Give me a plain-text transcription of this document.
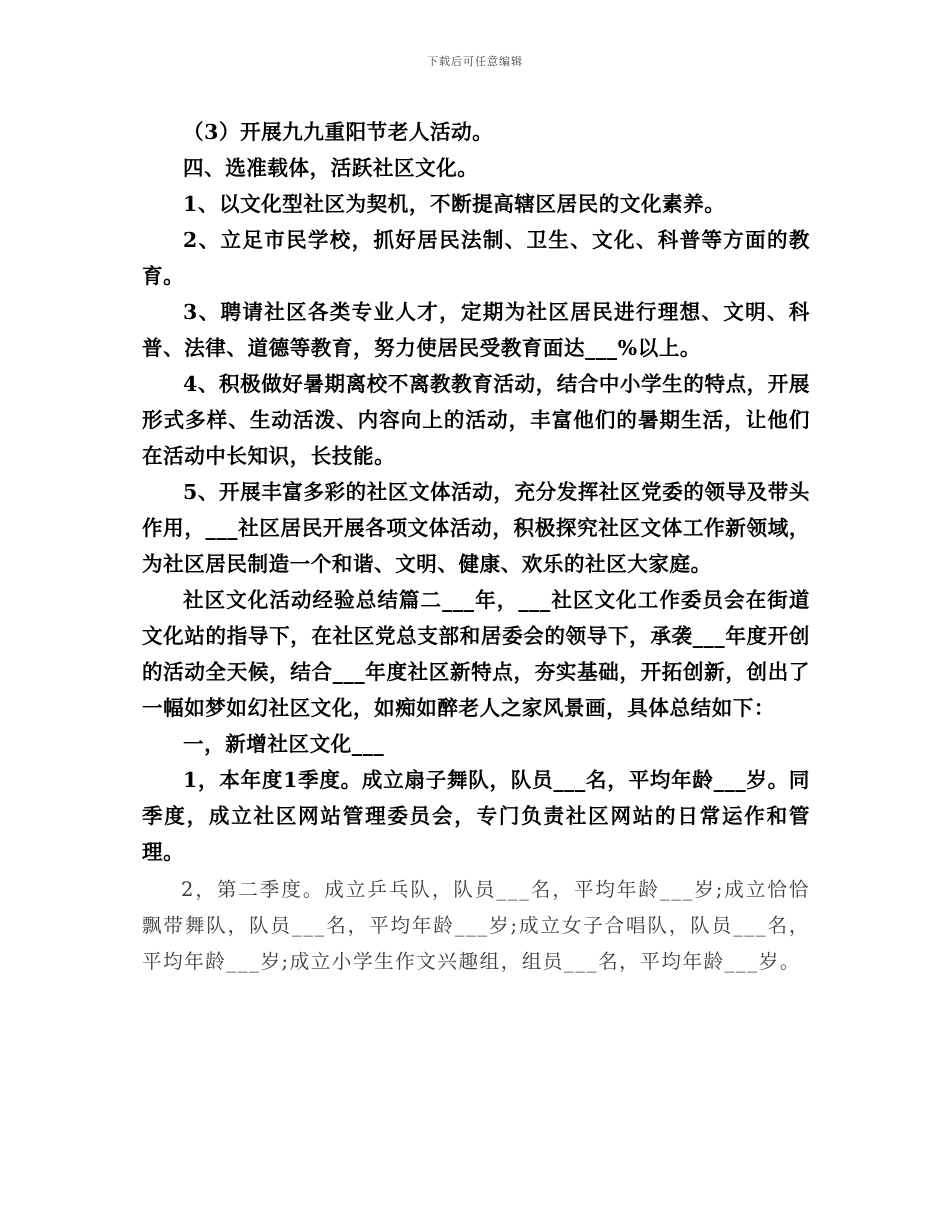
下载后可任意编辑

（3）开展九九重阳节老人活动。

四、选准载体，活跃社区文化。

1、以文化型社区为契机，不断提高辖区居民的文化素养。

2、立足市民学校，抓好居民法制、卫生、文化、科普等方面的教育。

3、聘请社区各类专业人才，定期为社区居民进行理想、文明、科普、法律、道德等教育，努力使居民受教育面达___%以上。

4、积极做好暑期离校不离教教育活动，结合中小学生的特点，开展形式多样、生动活泼、内容向上的活动，丰富他们的暑期生活，让他们在活动中长知识，长技能。

5、开展丰富多彩的社区文体活动，充分发挥社区党委的领导及带头作用，___社区居民开展各项文体活动，积极探究社区文体工作新领域，为社区居民制造一个和谐、文明、健康、欢乐的社区大家庭。

社区文化活动经验总结篇二___年，___社区文化工作委员会在街道文化站的指导下，在社区党总支部和居委会的领导下，承袭___年度开创的活动全天候，结合___年度社区新特点，夯实基础，开拓创新，创出了一幅如梦如幻社区文化，如痴如醉老人之家风景画，具体总结如下：

一，新增社区文化___

1，本年度1季度。成立扇子舞队，队员___名，平均年龄___岁。同季度，成立社区网站管理委员会，专门负责社区网站的日常运作和管理。

2，第二季度。成立乒乓队，队员___名，平均年龄___岁;成立恰恰飘带舞队，队员___名，平均年龄___岁;成立女子合唱队，队员___名，平均年龄___岁;成立小学生作文兴趣组，组员___名，平均年龄___岁。
